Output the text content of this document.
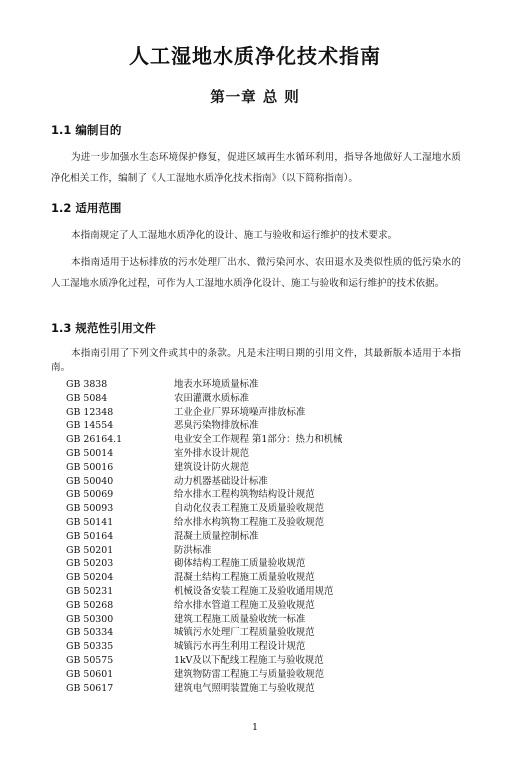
人工湿地水质净化技术指南
第一章 总 则
1.1 编制目的
为进一步加强水生态环境保护修复，促进区域再生水循环利用，指导各地做好人工湿地水质净化相关工作，编制了《人工湿地水质净化技术指南》（以下简称指南）。
1.2 适用范围
本指南规定了人工湿地水质净化的设计、施工与验收和运行维护的技术要求。
本指南适用于达标排放的污水处理厂出水、微污染河水、农田退水及类似性质的低污染水的人工湿地水质净化过程，可作为人工湿地水质净化设计、施工与验收和运行维护的技术依据。
1.3 规范性引用文件
本指南引用了下列文件或其中的条款。凡是未注明日期的引用文件，其最新版本适用于本指南。
GB 3838	地表水环境质量标准
GB 5084	农田灌溉水质标准
GB 12348	工业企业厂界环境噪声排放标准
GB 14554	恶臭污染物排放标准
GB 26164.1	电业安全工作规程 第1部分：热力和机械
GB 50014	室外排水设计规范
GB 50016	建筑设计防火规范
GB 50040	动力机器基础设计标准
GB 50069	给水排水工程构筑物结构设计规范
GB 50093	自动化仪表工程施工及质量验收规范
GB 50141	给水排水构筑物工程施工及验收规范
GB 50164	混凝土质量控制标准
GB 50201	防洪标准
GB 50203	砌体结构工程施工质量验收规范
GB 50204	混凝土结构工程施工质量验收规范
GB 50231	机械设备安装工程施工及验收通用规范
GB 50268	给水排水管道工程施工及验收规范
GB 50300	建筑工程施工质量验收统一标准
GB 50334	城镇污水处理厂工程质量验收规范
GB 50335	城镇污水再生利用工程设计规范
GB 50575	1kV及以下配线工程施工与验收规范
GB 50601	建筑物防雷工程施工与质量验收规范
GB 50617	建筑电气照明装置施工与验收规范
1
